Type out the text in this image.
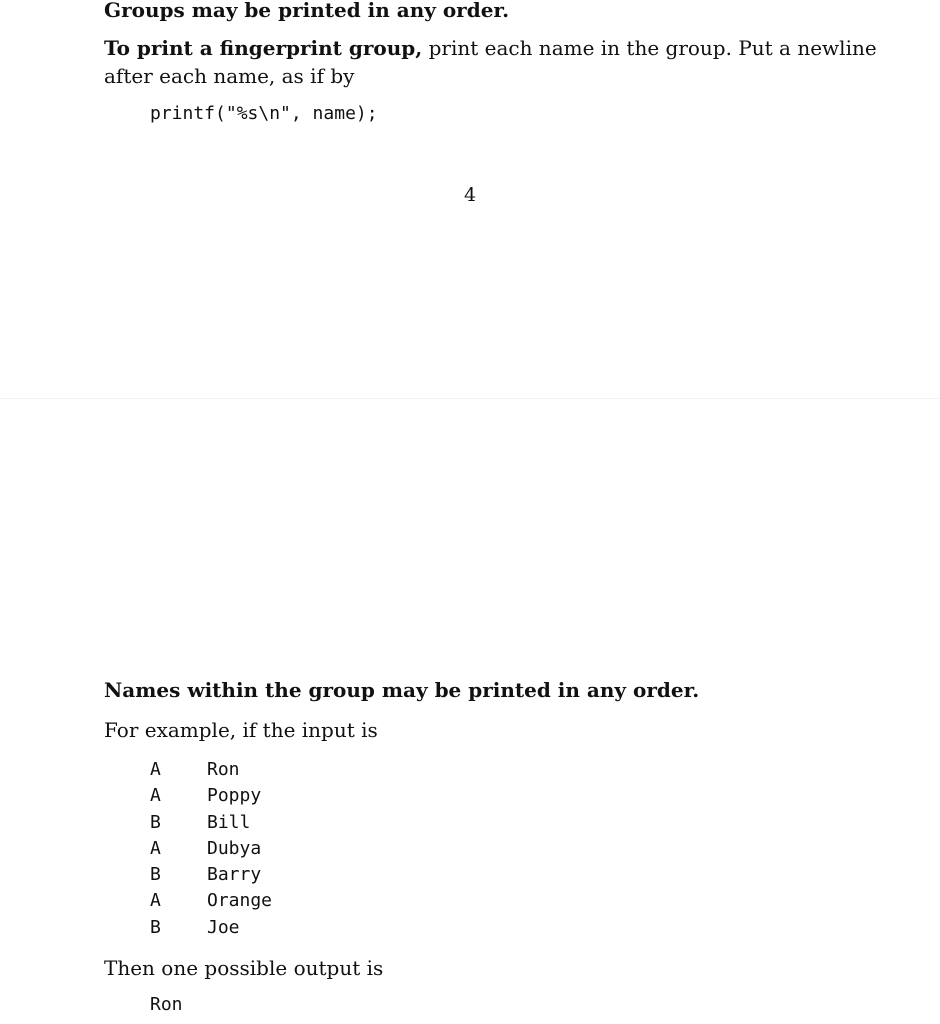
Groups may be printed in any order.

To print a fingerprint group, print each name in the group. Put a newline

after each name, as if by

printf("%s\n", name);
4

Names within the group may be printed in any order.

For example, if the input is

A	Ron
A	Poppy
B	Bill
A	Dubya
B	Barry
A	Orange
B	Joe

Then one possible output is

Ron
